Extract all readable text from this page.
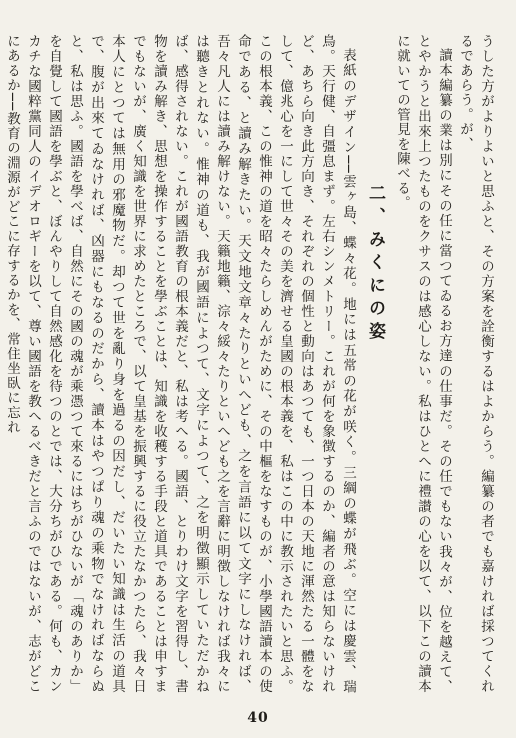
うした方がよりよいと思ふと、その方案を詮衡するはよからう。編纂の者でも嘉ければ採つてくれるであらう。が、

讀本編纂の業は別にその任に當つてゐるお方達の仕事だ。その任でもない我々が、位を越えて、とやかうと出來上つたものをクサスのは感心しない。私はひとへに禮讃の心を以て、以下この讀本に就いての管見を陳べる。

二、みくにの姿

表紙のデザイン──雲ヶ島、蝶々花。地には五常の花が咲く。三綱の蝶が飛ぶ。空には慶雲、瑞鳥。天行健、自彊息まず。左右シンメトリー。これが何を象徴するのか、編者の意は知らないけれど、あちら向き此方向き、それぞれの個性と動向はあつても、一つ日本の天地に渾然たる一體をなして、億兆心を一にして世々その美を濟せる皇國の根本義を、私はこの中に教示されたいと思ふ。この根本義、この惟神の道を昭々たらしめんがために、その中樞をなすものが、小學國語讀本の使命である、と讀み解きたい。天文地文章々たりといへども、之を言語に以て文字にしなければ、吾々凡人には讀み解けない。天籟地籟、淙々綏々たりといへども之を言辭に明徴しなければ我々には聽きとれない。惟神の道も、我が國語によつて、文字によつて、之を明徴顯示していただかねば、感得されない。これが國語教育の根本義だと、私は考へる。國語、とりわけ文字を習得し、書物を讀み解き、思想を操作することを學ぶことは、知識を收穫する手段と道具であることは申すまでもないが、廣く知識を世界に求めたところで、以て皇基を振興するに役立たなかつたら、我々日本人にとつては無用の邪魔物だ。却つて世を亂り身を過るの因だし、だいたい知識は生活の道具で、腹が出來てゐなければ、凶器にもなるのだから、讀本はやつぱり魂の乘物でなければならぬと、私は思ふ。國語を學べば、自然にその國の魂が乘憑つて來るにはちがひないが「魂のありか」を自覺して國語を學ぶと、ぼんやりして自然感化を待つのとでは、大分ちがひである。何も、カンカチな國粹黨同人のイデオロギーを以て、尊い國語を教へるべきだと言ふのではないが、志がどこにあるか──教育の淵源がどこに存するかを、常住坐臥に忘れ

40
